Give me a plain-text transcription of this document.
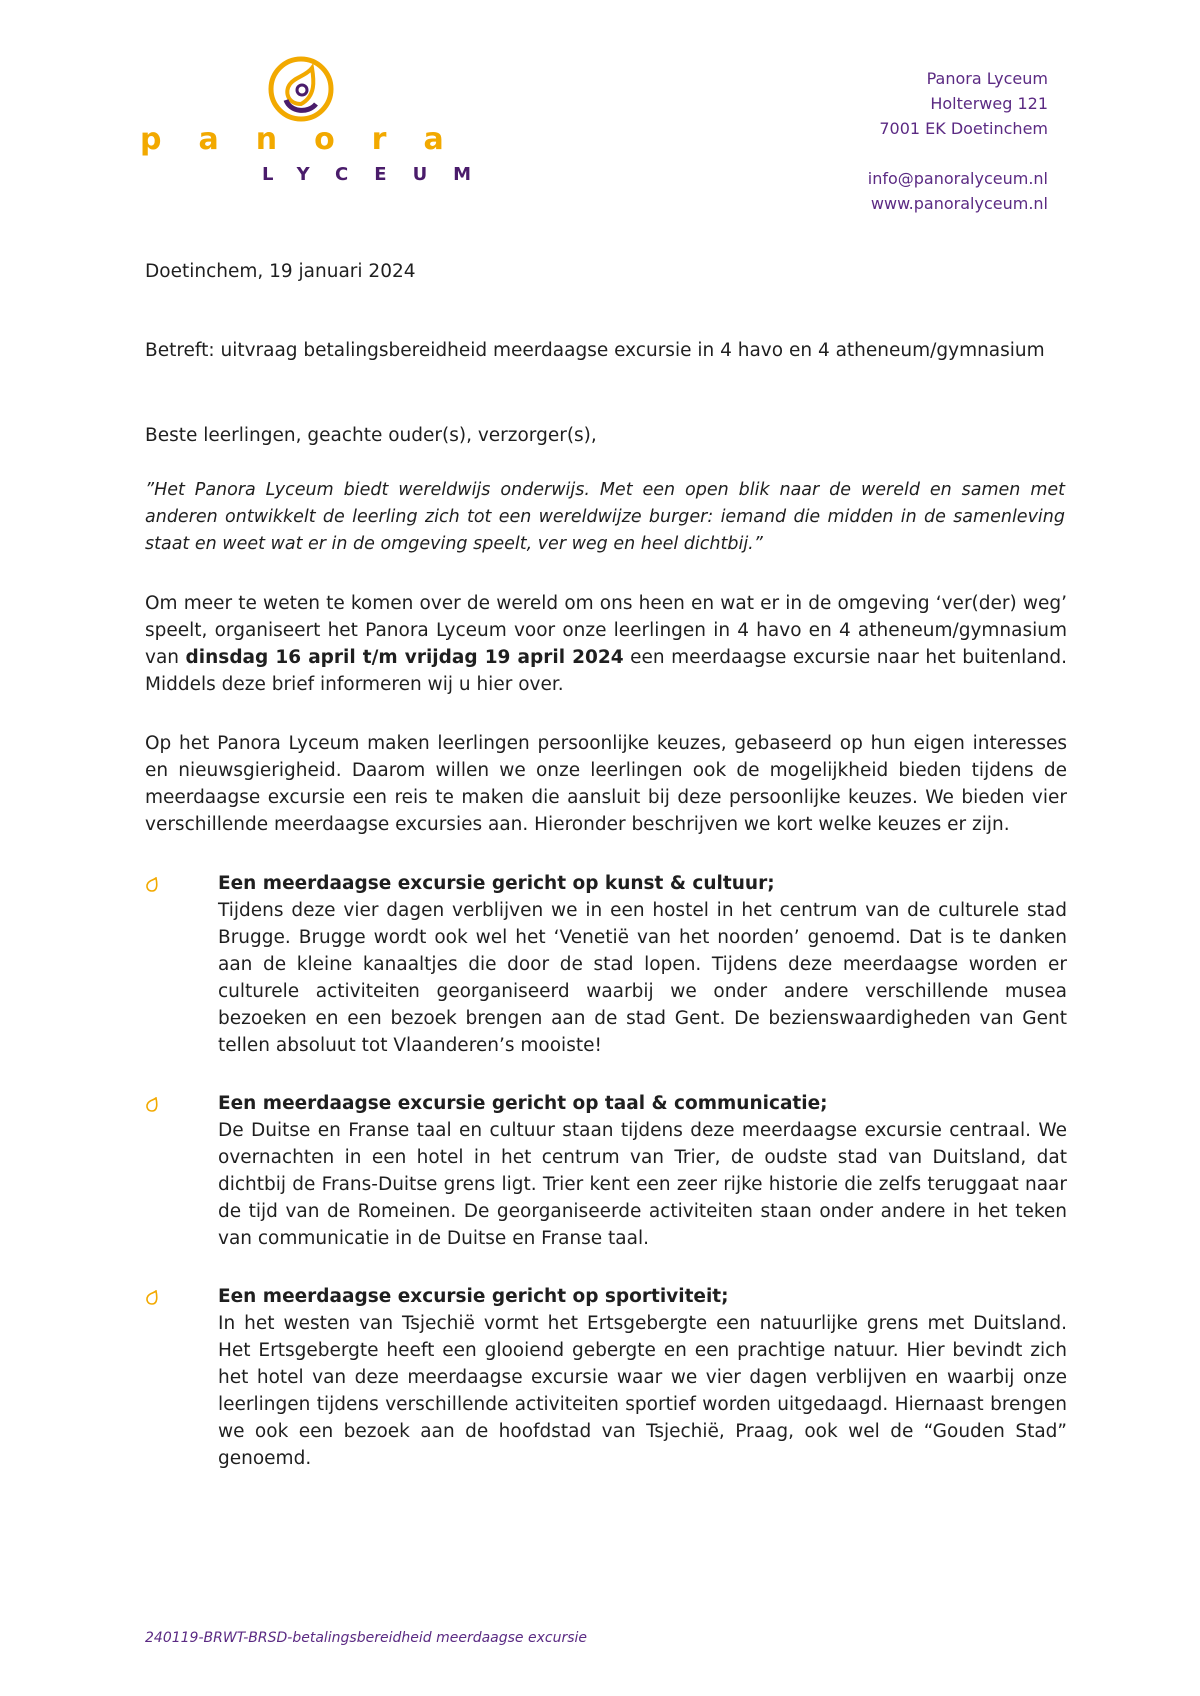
panora
LYCEUM
Panora Lyceum
Holterweg 121
7001 EK Doetinchem
info@panoralyceum.nl
www.panoralyceum.nl

Doetinchem, 19 januari 2024

Betreft: uitvraag betalingsbereidheid meerdaagse excursie in 4 havo en 4 atheneum/gymnasium
Beste leerlingen, geachte ouder(s), verzorger(s),
”Het Panora Lyceum biedt wereldwijs onderwijs. Met een open blik naar de wereld en samen met anderen ontwikkelt de leerling zich tot een wereldwijze burger: iemand die midden in de samenleving staat en weet wat er in de omgeving speelt, ver weg en heel dichtbij.”
Om meer te weten te komen over de wereld om ons heen en wat er in de omgeving ‘ver(der) weg’ speelt, organiseert het Panora Lyceum voor onze leerlingen in 4 havo en 4 atheneum/gymnasium van dinsdag 16 april t/m vrijdag 19 april 2024 een meerdaagse excursie naar het buitenland. Middels deze brief informeren wij u hier over.
Op het Panora Lyceum maken leerlingen persoonlijke keuzes, gebaseerd op hun eigen interesses en nieuwsgierigheid. Daarom willen we onze leerlingen ook de mogelijkheid bieden tijdens de meerdaagse excursie een reis te maken die aansluit bij deze persoonlijke keuzes. We bieden vier verschillende meerdaagse excursies aan. Hieronder beschrijven we kort welke keuzes er zijn.
Een meerdaagse excursie gericht op kunst & cultuur;
Tijdens deze vier dagen verblijven we in een hostel in het centrum van de culturele stad Brugge. Brugge wordt ook wel het ‘Venetië van het noorden’ genoemd. Dat is te danken aan de kleine kanaaltjes die door de stad lopen. Tijdens deze meerdaagse worden er culturele activiteiten georganiseerd waarbij we onder andere verschillende musea bezoeken en een bezoek brengen aan de stad Gent. De bezienswaardigheden van Gent tellen absoluut tot Vlaanderen’s mooiste!
Een meerdaagse excursie gericht op taal & communicatie;
De Duitse en Franse taal en cultuur staan tijdens deze meerdaagse excursie centraal. We overnachten in een hotel in het centrum van Trier, de oudste stad van Duitsland, dat dichtbij de Frans-Duitse grens ligt. Trier kent een zeer rijke historie die zelfs teruggaat naar de tijd van de Romeinen. De georganiseerde activiteiten staan onder andere in het teken van communicatie in de Duitse en Franse taal.
Een meerdaagse excursie gericht op sportiviteit;
In het westen van Tsjechië vormt het Ertsgebergte een natuurlijke grens met Duitsland. Het Ertsgebergte heeft een glooiend gebergte en een prachtige natuur. Hier bevindt zich het hotel van deze meerdaagse excursie waar we vier dagen verblijven en waarbij onze leerlingen tijdens verschillende activiteiten sportief worden uitgedaagd. Hiernaast brengen we ook een bezoek aan de hoofdstad van Tsjechië, Praag, ook wel de “Gouden Stad” genoemd.
240119-BRWT-BRSD-betalingsbereidheid meerdaagse excursie
